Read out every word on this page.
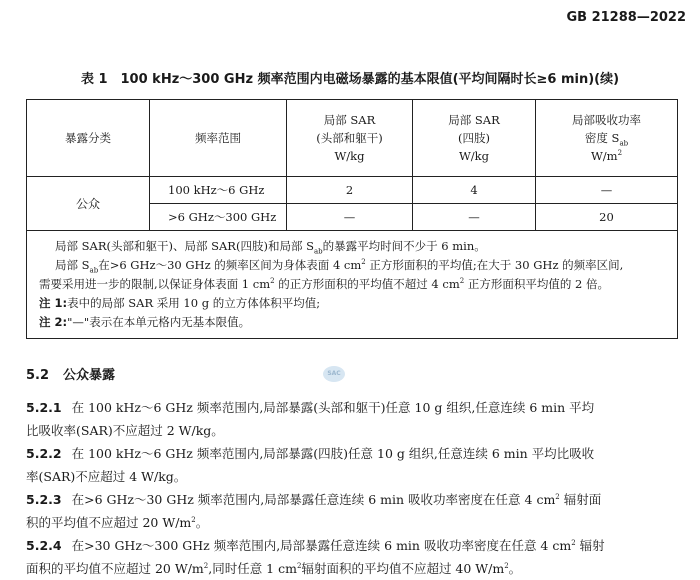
GB 21288—2022
表 1　100 kHz～300 GHz 频率范围内电磁场暴露的基本限值(平均间隔时长≥6 min)(续)
暴露分类	频率范围	局部 SAR
(头部和躯干)
W/kg	局部 SAR
(四肢)
W/kg	局部吸收功率
密度 $S_{ab}$
$W/m^2$
公众	100 kHz～6 GHz	2	4	—
	>6 GHz～300 GHz	—	—	20

局部 SAR(头部和躯干)、局部 SAR(四肢)和局部 $S_{ab}$的暴露平均时间不少于 6 min。
局部 $S_{ab}$在>6 GHz～30 GHz 的频率区间为身体表面 4 $cm^2$ 正方形面积的平均值;在大于 30 GHz 的频率区间,
需要采用进一步的限制,以保证身体表面 1 $cm^2$ 的正方形面积的平均值不超过 4 $cm^2$ 正方形面积平均值的 2 倍。
注 1:表中的局部 SAR 采用 10 g 的立方体体积平均值;
注 2:"—"表示在本单元格内无基本限值。				
5.2 公众暴露	SAC
5.2.1 在 100 kHz～6 GHz 频率范围内,局部暴露(头部和躯干)任意 10 g 组织,任意连续 6 min 平均
比吸收率(SAR)不应超过 2 W/kg。
5.2.2 在 100 kHz～6 GHz 频率范围内,局部暴露(四肢)任意 10 g 组织,任意连续 6 min 平均比吸收
率(SAR)不应超过 4 W/kg。
5.2.3 在>6 GHz～30 GHz 频率范围内,局部暴露任意连续 6 min 吸收功率密度在任意 4 $cm^2$ 辐射面
积的平均值不应超过 20 $W/m^2$。
5.2.4 在>30 GHz～300 GHz 频率范围内,局部暴露任意连续 6 min 吸收功率密度在任意 4 $cm^2$ 辐射
面积的平均值不应超过 20 $W/m^2$,同时任意 1 $cm^2$辐射面积的平均值不应超过 40 $W/m^2$。
